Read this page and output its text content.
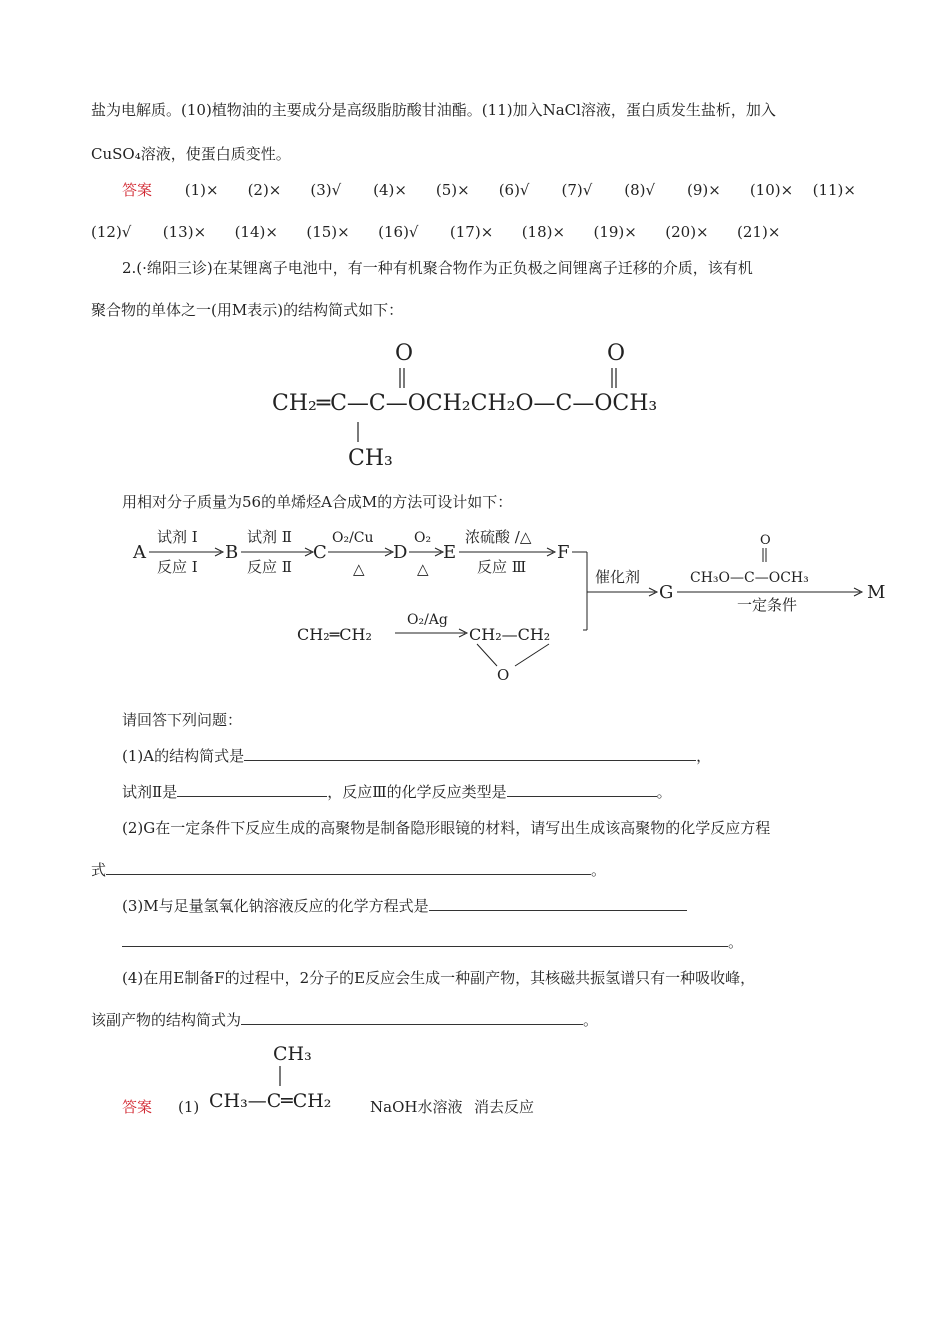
盐为电解质。(10)植物油的主要成分是高级脂肪酸甘油酯。(11)加入NaCl溶液，蛋白质发生盐析，加入
CuSO₄溶液，使蛋白质变性。
答案 (1)× (2)× (3)√ (4)× (5)× (6)√ (7)√ (8)√ (9)× (10)× (11)×
(12)√ (13)× (14)× (15)× (16)√ (17)× (18)× (19)× (20)× (21)×
2.(·绵阳三诊)在某锂离子电池中，有一种有机聚合物作为正负极之间锂离子迁移的介质，该有机
聚合物的单体之一(用M表示)的结构简式如下：
O	O
CH₂═C—C—OCH₂CH₂O—C—OCH₃
CH₃
用相对分子质量为56的单烯烃A合成M的方法可设计如下：
A
试剂 Ⅰ
反应 Ⅰ
B
试剂 Ⅱ
反应 Ⅱ
C
O₂/Cu
△
D
O₂
△
E
浓硫酸 /△
反应 Ⅲ
F
催化剂
G
O
CH₃O—C—OCH₃
一定条件
M
CH₂═CH₂
O₂/Ag
CH₂—CH₂
O
请回答下列问题：
(1)A的结构简式是	，
试剂Ⅱ是	，反应Ⅲ的化学反应类型是	。
(2)G在一定条件下反应生成的高聚物是制备隐形眼镜的材料，请写出生成该高聚物的化学反应方程
式	。
(3)M与足量氢氧化钠溶液反应的化学方程式是
。
(4)在用E制备F的过程中，2分子的E反应会生成一种副产物，其核磁共振氢谱只有一种吸收峰，
该副产物的结构简式为	。
答案 (1)
CH₃
CH₃—C═CH₂	NaOH水溶液 消去反应
